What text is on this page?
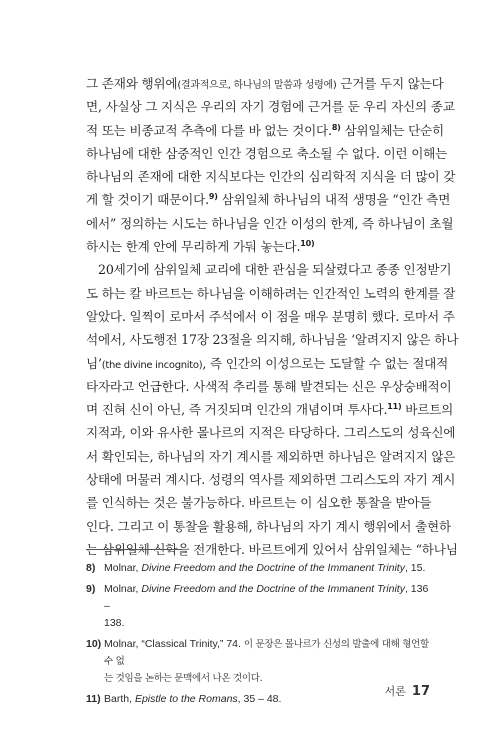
그 존재와 행위에(결과적으로, 하나님의 말씀과 성령에) 근거를 두지 않는다
면, 사실상 그 지식은 우리의 자기 경험에 근거를 둔 우리 자신의 종교
적 또는 비종교적 추측에 다를 바 없는 것이다.$^{8)}$ 삼위일체는 단순히
하나님에 대한 삼중적인 인간 경험으로 축소될 수 없다. 이런 이해는
하나님의 존재에 대한 지식보다는 인간의 심리학적 지식을 더 많이 갖
게 할 것이기 때문이다.$^{9)}$ 삼위일체 하나님의 내적 생명을 “인간 측면
에서” 정의하는 시도는 하나님을 인간 이성의 한계, 즉 하나님이 초월
하시는 한계 안에 무리하게 가둬 놓는다.$^{10)}$
20세기에 삼위일체 교리에 대한 관심을 되살렸다고 종종 인정받기
도 하는 칼 바르트는 하나님을 이해하려는 인간적인 노력의 한계를 잘
알았다. 일찍이 로마서 주석에서 이 점을 매우 분명히 했다. 로마서 주
석에서, 사도행전 17장 23절을 의지해, 하나님을 ‘알려지지 않은 하나
님’(the divine incognito), 즉 인간의 이성으로는 도달할 수 없는 절대적
타자라고 언급한다. 사색적 추리를 통해 발견되는 신은 우상숭배적이
며 진혀 신이 아닌, 즉 거짓되며 인간의 개념이며 투사다.$^{11)}$ 바르트의
지적과, 이와 유사한 몰나르의 지적은 타당하다. 그리스도의 성육신에
서 확인되는, 하나님의 자기 계시를 제외하면 하나님은 알려지지 않은
상태에 머물러 계시다. 성령의 역사를 제외하면 그리스도의 자기 계시
를 인식하는 것은 불가능하다. 바르트는 이 심오한 통찰을 받아들
인다. 그리고 이 통찰을 활용해, 하나님의 자기 계시 행위에서 출현하
는 삼위일체 신학을 전개한다. 바르트에게 있어서 삼위일체는 “하나님
8) Molnar, Divine Freedom and the Doctrine of the Immanent Trinity, 15.
9) Molnar, Divine Freedom and the Doctrine of the Immanent Trinity, 136 –
138.
10) Molnar, “Classical Trinity,” 74. 이 문장은 몰나르가 신성의 발출에 대해 형언할 수 없
는 것임을 논하는 문맥에서 나온 것이다.
11) Barth, Epistle to the Romans, 35 – 48.
서론 17
